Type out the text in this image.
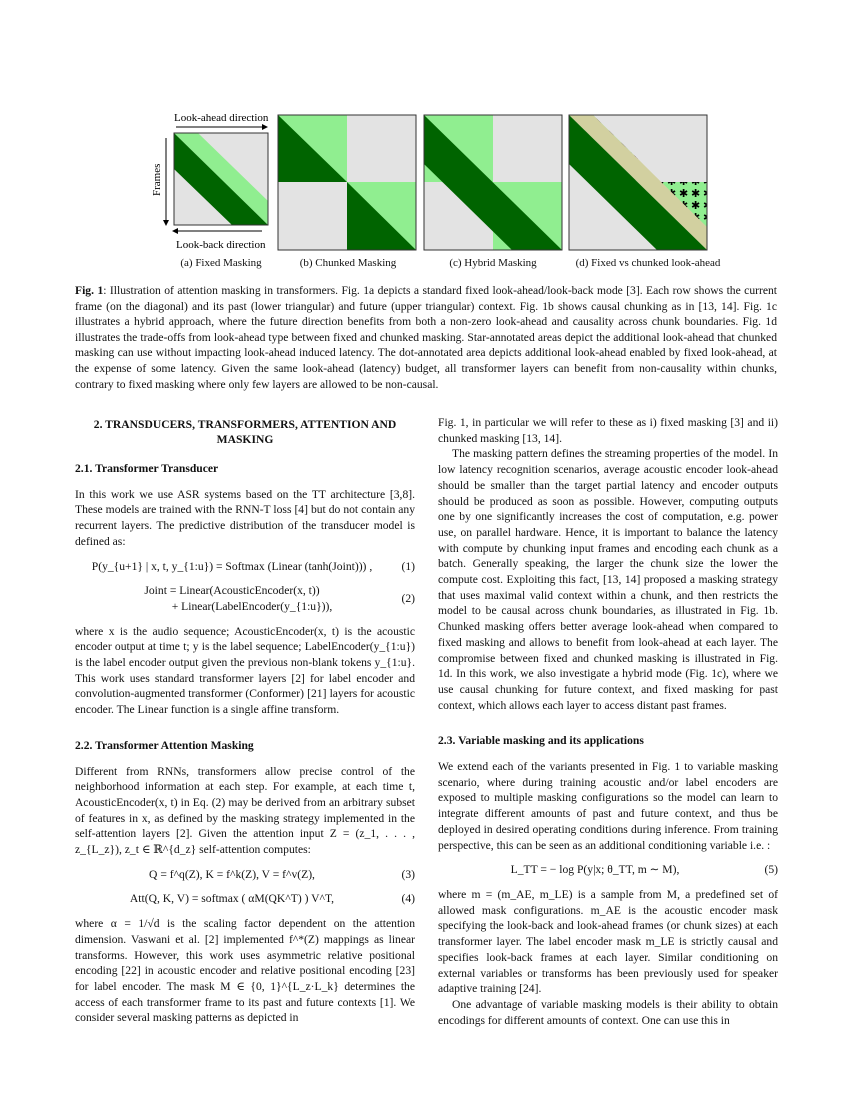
Look-ahead direction
Look-back direction
Frames
(a) Fixed Masking	(b) Chunked Masking	(c) Hybrid Masking	(d) Fixed vs chunked look-ahead
Fig. 1: Illustration of attention masking in transformers. Fig. 1a depicts a standard fixed look-ahead/look-back mode [3]. Each row shows the current frame (on the diagonal) and its past (lower triangular) and future (upper triangular) context. Fig. 1b shows causal chunking as in [13, 14]. Fig. 1c illustrates a hybrid approach, where the future direction benefits from both a non-zero look-ahead and causality across chunk boundaries. Fig. 1d illustrates the trade-offs from look-ahead type between fixed and chunked masking. Star-annotated areas depict the additional look-ahead that chunked masking can use without impacting look-ahead induced latency. The dot-annotated area depicts additional look-ahead enabled by fixed look-ahead, at the expense of some latency. Given the same look-ahead (latency) budget, all transformer layers can benefit from non-causality within chunks, contrary to fixed masking where only few layers are allowed to be non-causal.
2. TRANSDUCERS, TRANSFORMERS, ATTENTION AND MASKING
2.1. Transformer Transducer

In this work we use ASR systems based on the TT architecture [3,8]. These models are trained with the RNN-T loss [4] but do not contain any recurrent layers. The predictive distribution of the transducer model is defined as:

P(y_{u+1} | x, t, y_{1:u}) = Softmax (Linear (tanh(Joint))) ,	(1)
Joint = Linear(AcousticEncoder(x, t))
+ Linear(LabelEncoder(y_{1:u})),
(2)

where x is the audio sequence; AcousticEncoder(x, t) is the acoustic encoder output at time t; y is the label sequence; LabelEncoder(y_{1:u}) is the label encoder output given the previous non-blank tokens y_{1:u}. This work uses standard transformer layers [2] for label encoder and convolution-augmented transformer (Conformer) [21] layers for acoustic encoder. The Linear function is a single affine transform.

2.2. Transformer Attention Masking

Different from RNNs, transformers allow precise control of the neighborhood information at each step. For example, at each time t, AcousticEncoder(x, t) in Eq. (2) may be derived from an arbitrary subset of features in x, as defined by the masking strategy implemented in the self-attention layers [2]. Given the attention input Z = (z_1, . . . , z_{L_z}), z_t ∈ ℝ^{d_z} self-attention computes:

Q = f^q(Z), K = f^k(Z), V = f^v(Z),	(3)
Att(Q, K, V) = softmax ( αM(QK^T) ) V^T,	(4)

where α = 1/√d is the scaling factor dependent on the attention dimension. Vaswani et al. [2] implemented f^*(Z) mappings as linear transforms. However, this work uses asymmetric relative positional encoding [22] in acoustic encoder and relative positional encoding [23] for label encoder. The mask M ∈ {0, 1}^{L_z·L_k} determines the access of each transformer frame to its past and future contexts [1]. We consider several masking patterns as depicted in

Fig. 1, in particular we will refer to these as i) fixed masking [3] and ii) chunked masking [13, 14].

The masking pattern defines the streaming properties of the model. In low latency recognition scenarios, average acoustic encoder look-ahead should be smaller than the target partial latency and encoder outputs should be produced as soon as possible. However, computing outputs one by one significantly increases the cost of computation, e.g. power use, on parallel hardware. Hence, it is important to balance the latency with compute by chunking input frames and encoding each chunk as a batch. Generally speaking, the larger the chunk size the lower the compute cost. Exploiting this fact, [13, 14] proposed a masking strategy that uses maximal valid context within a chunk, and then restricts the model to be causal across chunk boundaries, as illustrated in Fig. 1b. Chunked masking offers better average look-ahead when compared to fixed masking and allows to benefit from look-ahead at each layer. The compromise between fixed and chunked masking is illustrated in Fig. 1d. In this work, we also investigate a hybrid mode (Fig. 1c), where we use causal chunking for future context, and fixed masking for past context, which allows each layer to access distant past frames.

2.3. Variable masking and its applications

We extend each of the variants presented in Fig. 1 to variable masking scenario, where during training acoustic and/or label encoders are exposed to multiple masking configurations so the model can learn to integrate different amounts of past and future context, and thus be deployed in desired operating conditions during inference. From training perspective, this can be seen as an additional conditioning variable i.e. :

L_TT = − log P(y|x; θ_TT, m ∼ M),	(5)

where m = (m_AE, m_LE) is a sample from M, a predefined set of allowed mask configurations. m_AE is the acoustic encoder mask specifying the look-back and look-ahead frames (or chunk sizes) at each transformer layer. The label encoder mask m_LE is strictly causal and specifies look-back frames at each layer. Similar conditioning on external variables or transforms has been previously used for speaker adaptive training [24].

One advantage of variable masking models is their ability to obtain encodings for different amounts of context. One can use this in
